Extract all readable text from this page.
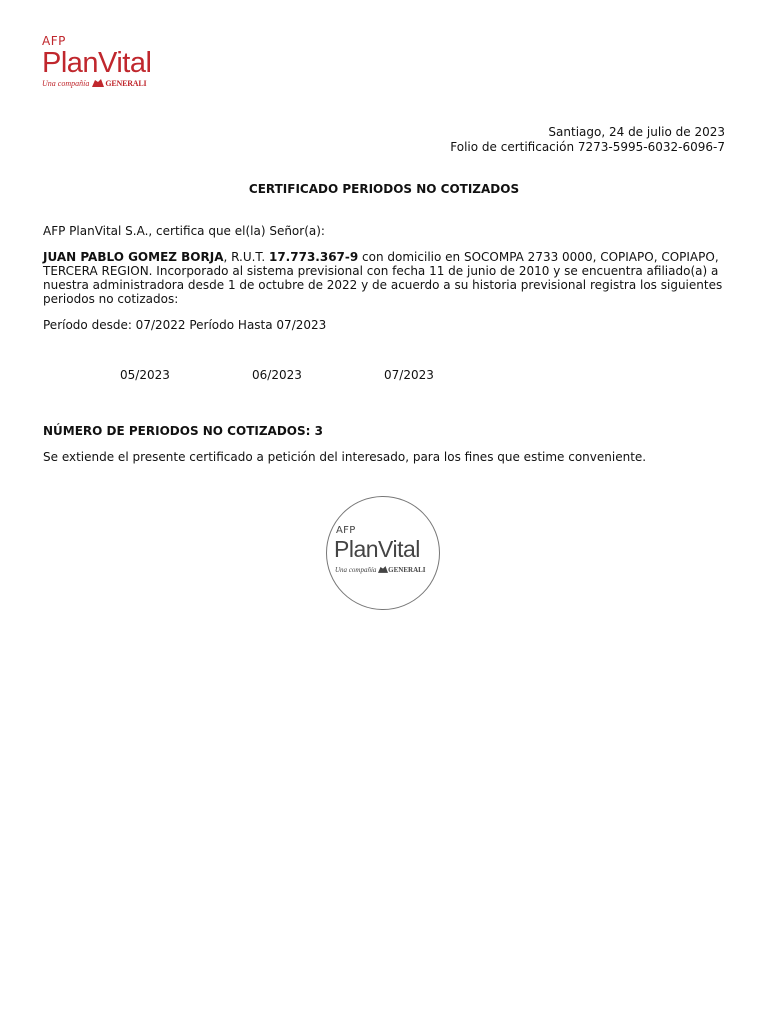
AFP
PlanVital
Una compañía GENERALI
Santiago, 24 de julio de 2023
Folio de certificación 7273-5995-6032-6096-7
CERTIFICADO PERIODOS NO COTIZADOS
AFP PlanVital S.A., certifica que el(la) Señor(a):
JUAN PABLO GOMEZ BORJA, R.U.T. 17.773.367-9 con domicilio en SOCOMPA 2733 0000, COPIAPO, COPIAPO, TERCERA REGION. Incorporado al sistema previsional con fecha 11 de junio de 2010 y se encuentra afiliado(a) a nuestra administradora desde 1 de octubre de 2022 y de acuerdo a su historia previsional registra los siguientes periodos no cotizados:
Período desde: 07/2022 Período Hasta 07/2023
05/2023	06/2023	07/2023
NÚMERO DE PERIODOS NO COTIZADOS: 3
Se extiende el presente certificado a petición del interesado, para los fines que estime conveniente.
AFP
PlanVital
Una compañía GENERALI
